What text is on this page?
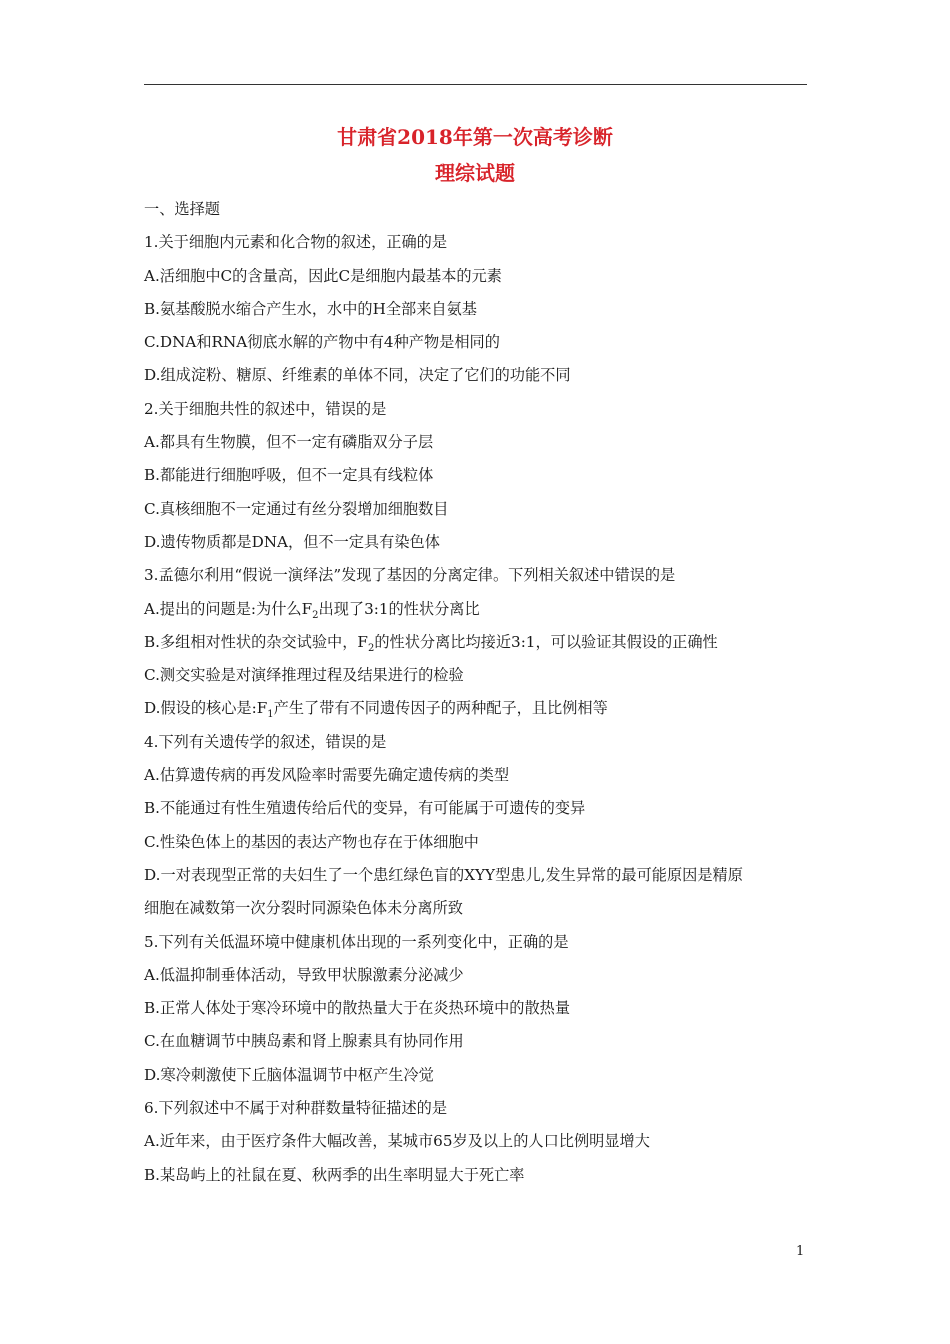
甘肃省2018年第一次高考诊断
理综试题
一、选择题
1.关于细胞内元素和化合物的叙述，正确的是
A.活细胞中C的含量高，因此C是细胞内最基本的元素
B.氨基酸脱水缩合产生水，水中的H全部来自氨基
C.DNA和RNA彻底水解的产物中有4种产物是相同的
D.组成淀粉、糖原、纤维素的单体不同，决定了它们的功能不同
2.关于细胞共性的叙述中，错误的是
A.都具有生物膜，但不一定有磷脂双分子层
B.都能进行细胞呼吸，但不一定具有线粒体
C.真核细胞不一定通过有丝分裂增加细胞数目
D.遗传物质都是DNA，但不一定具有染色体
3.孟德尔利用“假说一演绎法”发现了基因的分离定律。下列相关叙述中错误的是
A.提出的问题是:为什么$F_2$出现了3:1的性状分离比
B.多组相对性状的杂交试验中，$F_2$的性状分离比均接近3:1，可以验证其假设的正确性
C.测交实验是对演绎推理过程及结果进行的检验
D.假设的核心是$:F_1$产生了带有不同遗传因子的两种配子，且比例相等
4.下列有关遗传学的叙述，错误的是
A.估算遗传病的再发风险率时需要先确定遗传病的类型
B.不能通过有性生殖遗传给后代的变异，有可能属于可遗传的变异
C.性染色体上的基因的表达产物也存在于体细胞中
D.一对表现型正常的夫妇生了一个患红绿色盲的XYY型患儿,发生异常的最可能原因是精原
细胞在减数第一次分裂时同源染色体未分离所致
5.下列有关低温环境中健康机体出现的一系列变化中，正确的是
A.低温抑制垂体活动，导致甲状腺激素分泌减少
B.正常人体处于寒冷环境中的散热量大于在炎热环境中的散热量
C.在血糖调节中胰岛素和肾上腺素具有协同作用
D.寒冷刺激使下丘脑体温调节中枢产生冷觉
6.下列叙述中不属于对种群数量特征描述的是
A.近年来，由于医疗条件大幅改善，某城市65岁及以上的人口比例明显增大
B.某岛屿上的社鼠在夏、秋两季的出生率明显大于死亡率
1
